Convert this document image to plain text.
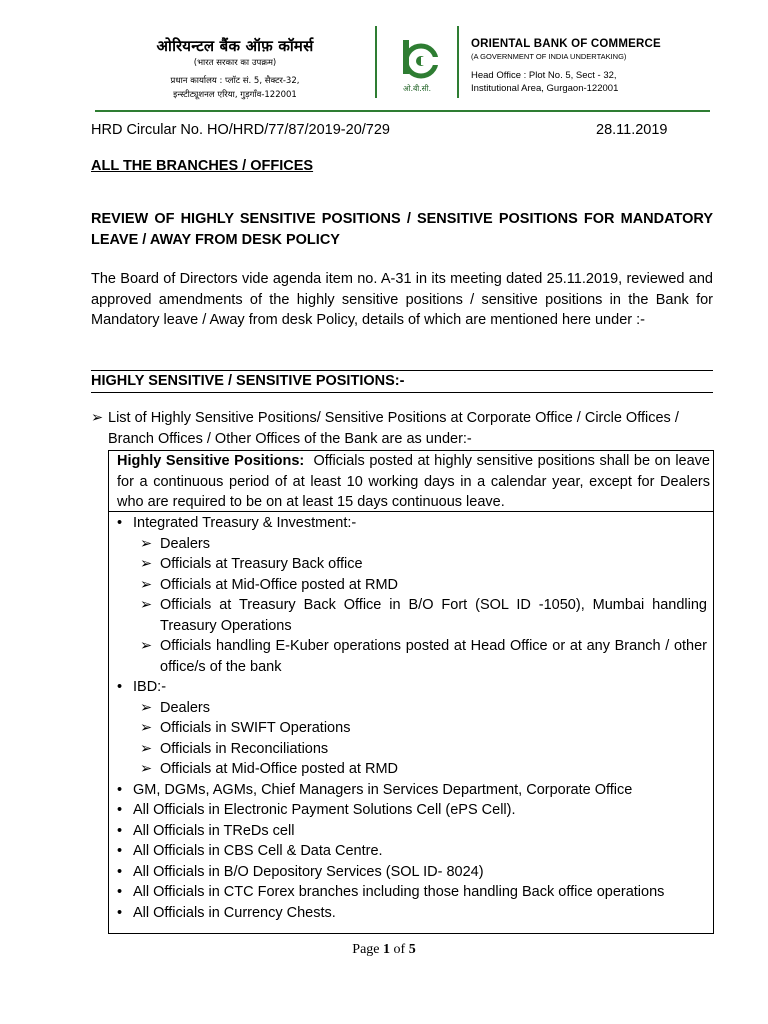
ओरियन्टल बैंक ऑफ़ कॉमर्स
(भारत सरकार का उपक्रम)
प्रधान कार्यालय : प्लॉट सं. 5, सैक्टर-32,
इन्स्टीट्यूशनल एरिया, गुड़गाँव-122001
ओ.बी.सी.
ORIENTAL BANK OF COMMERCE
(A GOVERNMENT OF INDIA UNDERTAKING)
Head Office : Plot No. 5, Sect - 32,
Institutional Area, Gurgaon-122001
HRD Circular No. HO/HRD/77/87/2019-20/729	28.11.2019
ALL THE BRANCHES / OFFICES
REVIEW OF HIGHLY SENSITIVE POSITIONS / SENSITIVE POSITIONS FOR MANDATORY LEAVE / AWAY FROM DESK POLICY
The Board of Directors vide agenda item no. A-31 in its meeting dated 25.11.2019, reviewed and approved amendments of the highly sensitive positions / sensitive positions in the Bank for Mandatory leave / Away from desk Policy, details of which are mentioned here under :-
HIGHLY SENSITIVE / SENSITIVE POSITIONS:-
➢ List of Highly Sensitive Positions/ Sensitive Positions at Corporate Office / Circle Offices / Branch Offices / Other Offices of the Bank are as under:-
Highly Sensitive Positions: Officials posted at highly sensitive positions shall be on leave for a continuous period of at least 10 working days in a calendar year, except for Dealers who are required to be on at least 15 days continuous leave.
• Integrated Treasury & Investment:-
➢ Dealers
➢ Officials at Treasury Back office
➢ Officials at Mid-Office posted at RMD
➢ Officials at Treasury Back Office in B/O Fort (SOL ID -1050), Mumbai handling Treasury Operations
➢ Officials handling E-Kuber operations posted at Head Office or at any Branch / other office/s of the bank
• IBD:-
➢ Dealers
➢ Officials in SWIFT Operations
➢ Officials in Reconciliations
➢ Officials at Mid-Office posted at RMD
• GM, DGMs, AGMs, Chief Managers in Services Department, Corporate Office
• All Officials in Electronic Payment Solutions Cell (ePS Cell).
• All Officials in TReDs cell
• All Officials in CBS Cell & Data Centre.
• All Officials in B/O Depository Services (SOL ID- 8024)
• All Officials in CTC Forex branches including those handling Back office operations
• All Officials in Currency Chests.
Page 1 of 5
